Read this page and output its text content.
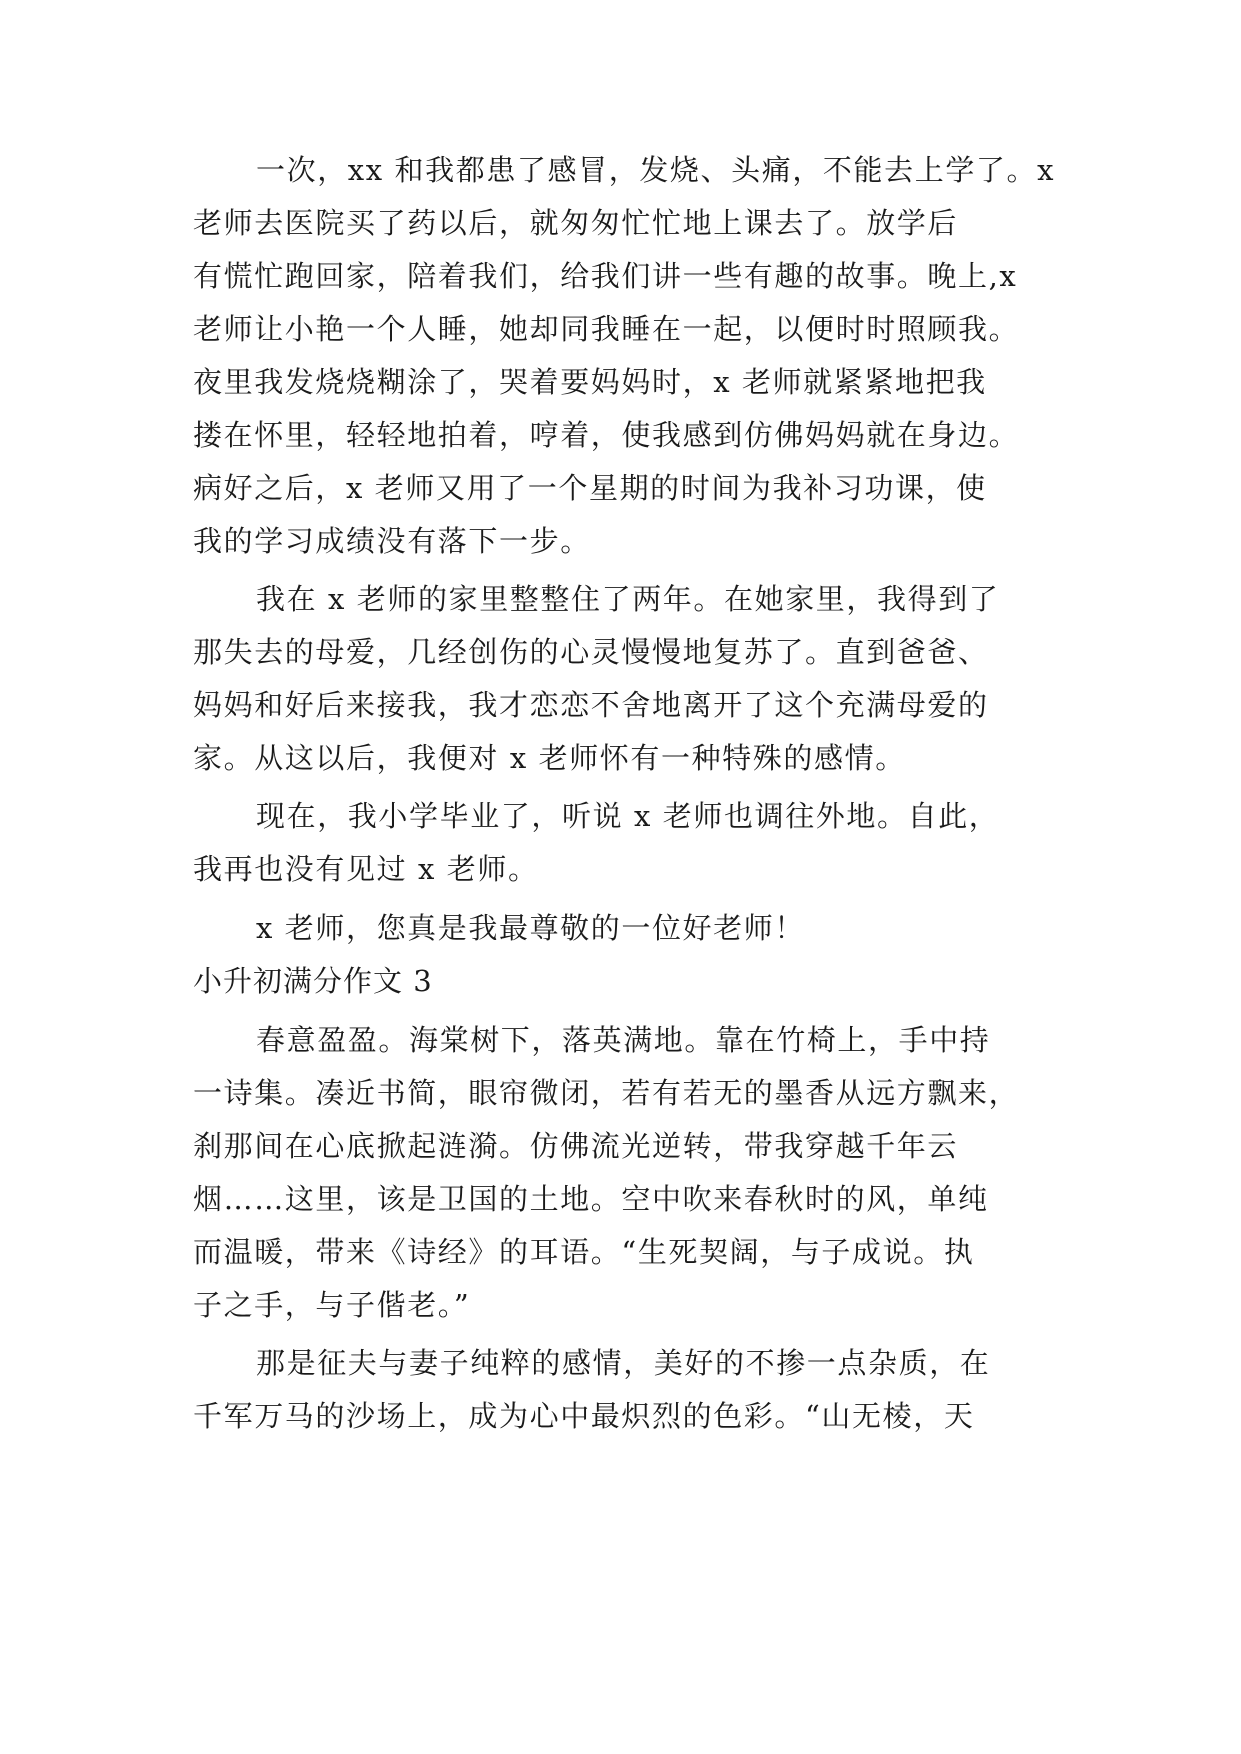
一次，xx 和我都患了感冒，发烧、头痛，不能去上学了。x
老师去医院买了药以后，就匆匆忙忙地上课去了。放学后
有慌忙跑回家，陪着我们，给我们讲一些有趣的故事。晚上,x
老师让小艳一个人睡，她却同我睡在一起，以便时时照顾我。
夜里我发烧烧糊涂了，哭着要妈妈时，x 老师就紧紧地把我
搂在怀里，轻轻地拍着，哼着，使我感到仿佛妈妈就在身边。
病好之后，x 老师又用了一个星期的时间为我补习功课，使
我的学习成绩没有落下一步。
我在 x 老师的家里整整住了两年。在她家里，我得到了
那失去的母爱，几经创伤的心灵慢慢地复苏了。直到爸爸、
妈妈和好后来接我，我才恋恋不舍地离开了这个充满母爱的
家。从这以后，我便对 x 老师怀有一种特殊的感情。
现在，我小学毕业了，听说 x 老师也调往外地。自此，
我再也没有见过 x 老师。
x 老师，您真是我最尊敬的一位好老师！
小升初满分作文 3
春意盈盈。海棠树下，落英满地。靠在竹椅上，手中持
一诗集。凑近书简，眼帘微闭，若有若无的墨香从远方飘来，
刹那间在心底掀起涟漪。仿佛流光逆转，带我穿越千年云
烟……这里，该是卫国的土地。空中吹来春秋时的风，单纯
而温暖，带来《诗经》的耳语。“生死契阔，与子成说。执
子之手，与子偕老。”
那是征夫与妻子纯粹的感情，美好的不掺一点杂质，在
千军万马的沙场上，成为心中最炽烈的色彩。“山无棱，天
